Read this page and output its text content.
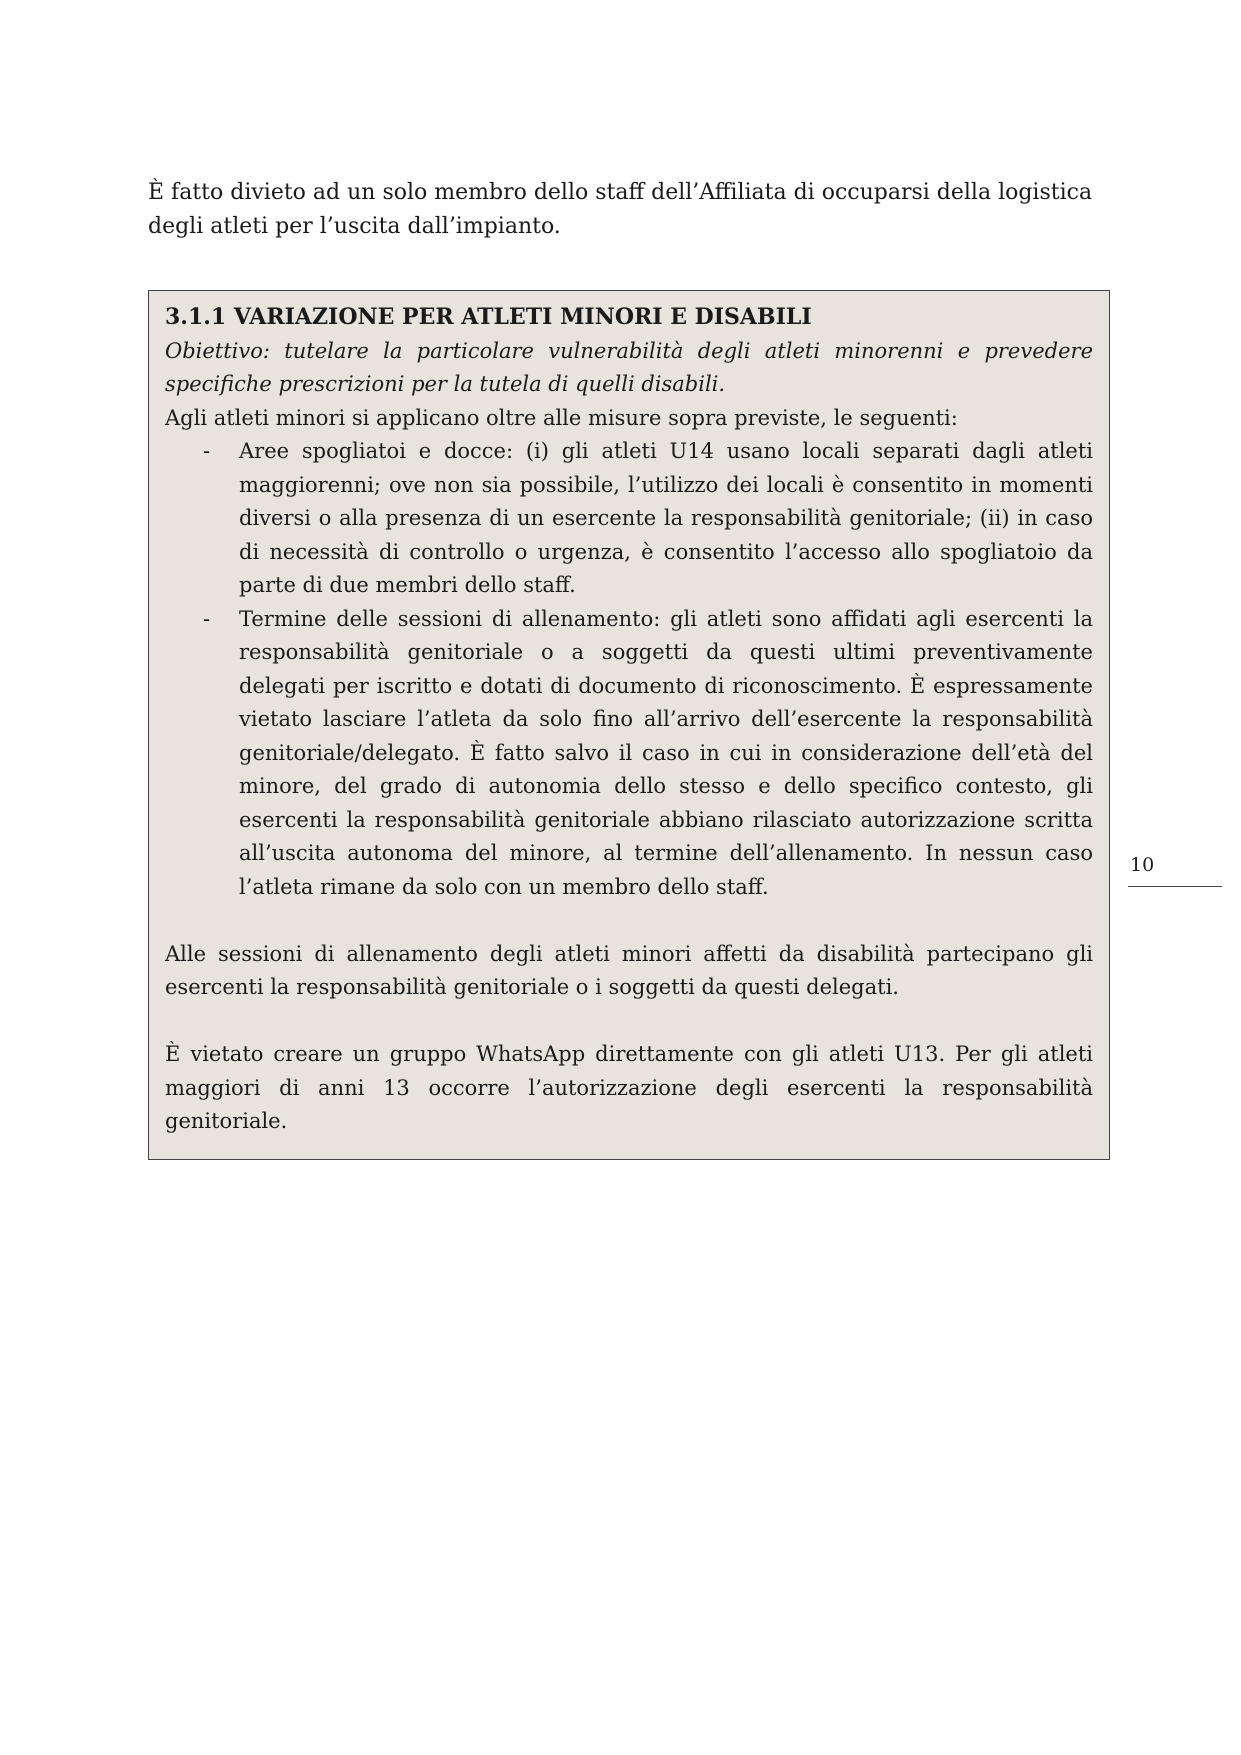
È fatto divieto ad un solo membro dello staff dell’Affiliata di occuparsi della logistica degli atleti per l’uscita dall’impianto.

3.1.1 VARIAZIONE PER ATLETI MINORI E DISABILI

Obiettivo: tutelare la particolare vulnerabilità degli atleti minorenni e prevedere specifiche prescrizioni per la tutela di quelli disabili.

Agli atleti minori si applicano oltre alle misure sopra previste, le seguenti:

- Aree spogliatoi e docce: (i) gli atleti U14 usano locali separati dagli atleti maggiorenni; ove non sia possibile, l’utilizzo dei locali è consentito in momenti diversi o alla presenza di un esercente la responsabilità genitoriale; (ii) in caso di necessità di controllo o urgenza, è consentito l’accesso allo spogliatoio da parte di due membri dello staff.
- Termine delle sessioni di allenamento: gli atleti sono affidati agli esercenti la responsabilità genitoriale o a soggetti da questi ultimi preventivamente delegati per iscritto e dotati di documento di riconoscimento. È espressamente vietato lasciare l’atleta da solo fino all’arrivo dell’esercente la responsabilità genitoriale/delegato. È fatto salvo il caso in cui in considerazione dell’età del minore, del grado di autonomia dello stesso e dello specifico contesto, gli esercenti la responsabilità genitoriale abbiano rilasciato autorizzazione scritta all’uscita autonoma del minore, al termine dell’allenamento. In nessun caso l’atleta rimane da solo con un membro dello staff.

Alle sessioni di allenamento degli atleti minori affetti da disabilità partecipano gli esercenti la responsabilità genitoriale o i soggetti da questi delegati.

È vietato creare un gruppo WhatsApp direttamente con gli atleti U13. Per gli atleti maggiori di anni 13 occorre l’autorizzazione degli esercenti la responsabilità genitoriale.

10
